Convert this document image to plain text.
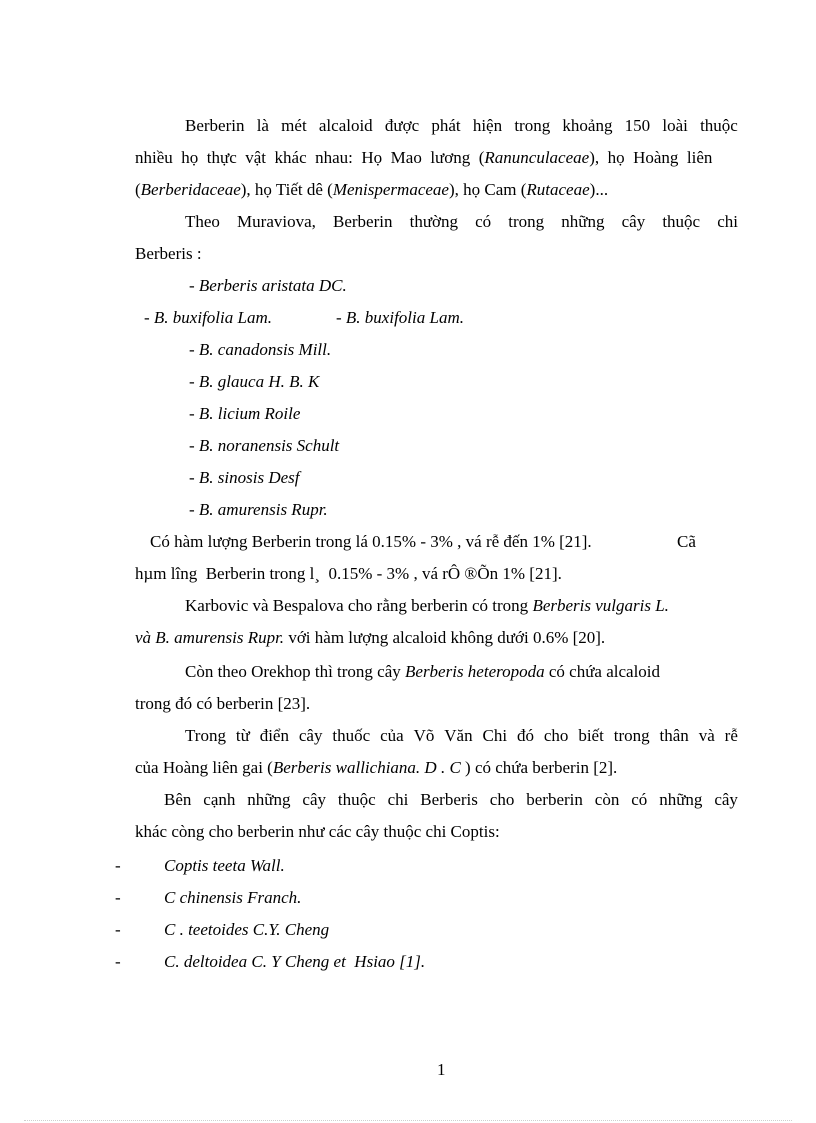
Berberin là mét alcaloid được phát hiện trong khoảng 150 loài thuộc
nhiều  họ  thực  vật  khác  nhau:  Họ  Mao  lương  (Ranunculaceae),  họ  Hoàng  liên
(Berberidaceae), họ Tiết dê (Menispermaceae), họ Cam (Rutaceae)...
Theo Muraviova, Berberin thường có trong những cây thuộc chi
Berberis :
- Berberis aristata DC.
- B. buxifolia Lam.	- B. buxifolia Lam.
- B. canadonsis Mill.
- B. glauca H. B. K
- B. licium Roile
- B. noranensis Schult
- B. sinosis Desf
- B. amurensis Rupr.
Có hàm lượng Berberin trong lá 0.15% - 3% , vá rễ đến 1% [21].	Cã
hµm lîng  Berberin trong l¸  0.15% - 3% , vá rÔ ®Õn 1% [21].
Karbovic và Bespalova cho rằng berberin có trong Berberis vulgaris L.
và B. amurensis Rupr. với hàm lượng alcaloid không dưới 0.6% [20].
Còn theo Orekhop thì trong cây Berberis heteropoda có chứa alcaloid
trong đó có berberin [23].
Trong từ điển cây thuốc của Võ Văn Chi đó cho biết trong thân và rễ
của Hoàng liên gai (Berberis wallichiana. D . C ) có chứa berberin [2].
Bên cạnh những cây thuộc chi Berberis cho berberin còn có những cây
khác còng cho berberin như các cây thuộc chi Coptis:
-	Coptis teeta Wall.
-	C chinensis Franch.
-	C . teetoides C.Y. Cheng
-	C. deltoidea C. Y Cheng et  Hsiao [1].
1
